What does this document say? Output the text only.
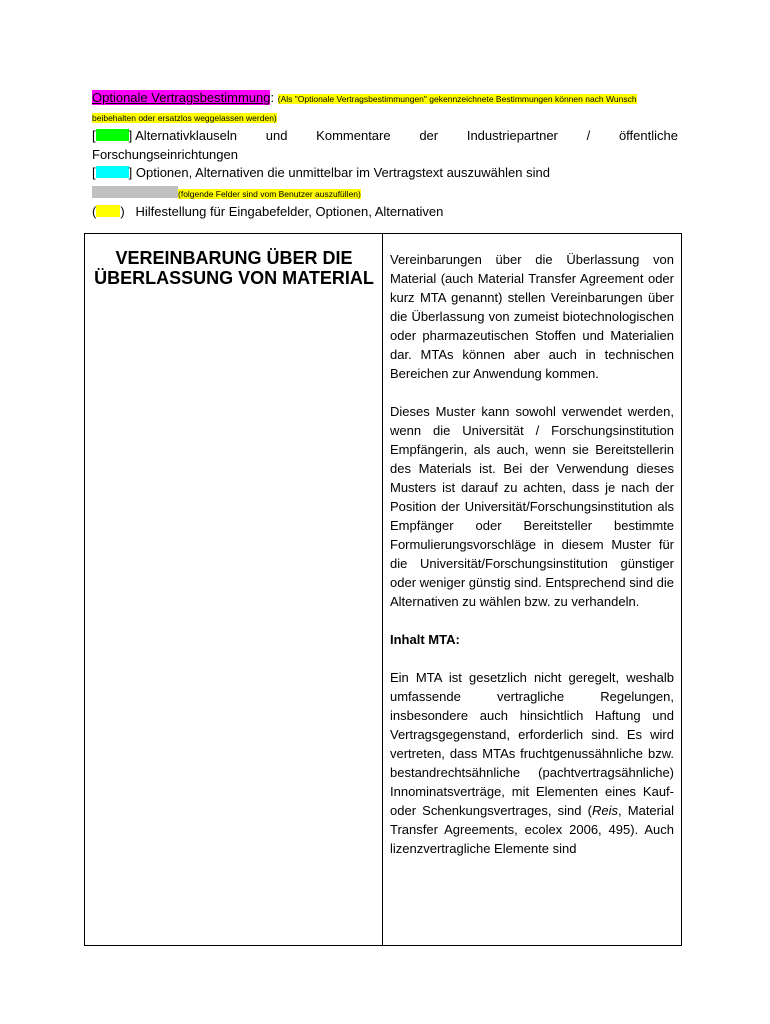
Optionale Vertragsbestimmung: (Als "Optionale Vertragsbestimmungen" gekennzeichnete Bestimmungen können nach Wunsch beibehalten oder ersatzlos weggelassen werden)
[	] Alternativklauseln und Kommentare der Industriepartner / öffentliche
Forschungseinrichtungen
[	] Optionen, Alternativen die unmittelbar im Vertragstext auszuwählen sind
(folgende Felder sind vom Benutzer auszufüllen)
( )   Hilfestellung für Eingabefelder, Optionen, Alternativen
VEREINBARUNG ÜBER DIE ÜBERLASSUNG VON MATERIAL

Vereinbarungen über die Überlassung von Material (auch Material Transfer Agreement oder kurz MTA genannt) stellen Vereinbarungen über die Überlassung von zumeist biotechnologischen oder pharmazeutischen Stoffen und Materialien dar. MTAs können aber auch in technischen Bereichen zur Anwendung kommen.

Dieses Muster kann sowohl verwendet werden, wenn die Universität / Forschungsinstitution Empfängerin, als auch, wenn sie Bereitstellerin des Materials ist. Bei der Verwendung dieses Musters ist darauf zu achten, dass je nach der Position der Universität/Forschungsinstitution als Empfänger oder Bereitsteller bestimmte Formulierungsvorschläge in diesem Muster für die Universität/Forschungsinstitution günstiger oder weniger günstig sind. Entsprechend sind die Alternativen zu wählen bzw. zu verhandeln.

Inhalt MTA:

Ein MTA ist gesetzlich nicht geregelt, weshalb umfassende vertragliche Regelungen, insbesondere auch hinsichtlich Haftung und Vertragsgegenstand, erforderlich sind. Es wird vertreten, dass MTAs fruchtgenussähnliche bzw. bestandrechtsähnliche (pachtvertragsähnliche) Innominatsverträge, mit Elementen eines Kauf- oder Schenkungsvertrages, sind (Reis, Material Transfer Agreements, ecolex 2006, 495). Auch lizenzvertragliche Elemente sind
